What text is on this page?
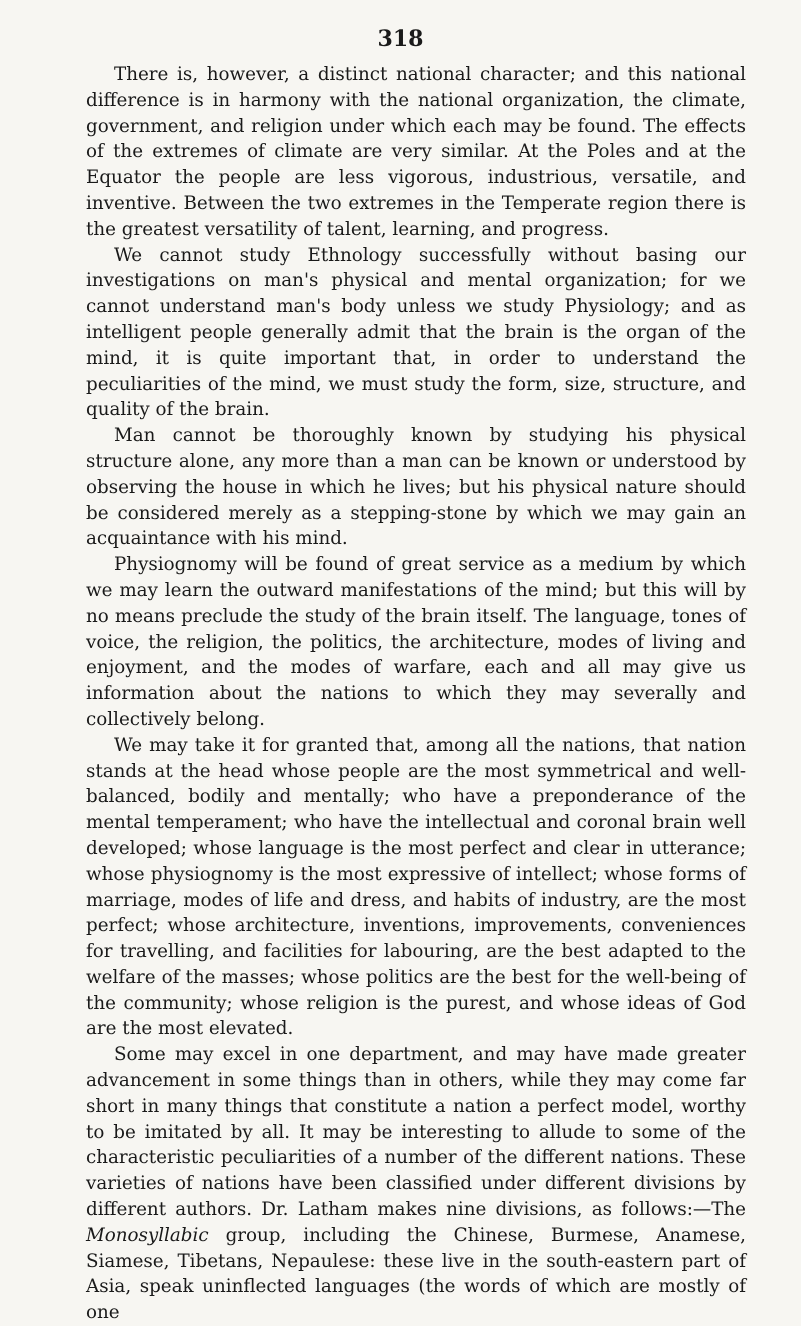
318

There is, however, a distinct national character; and this national difference is in harmony with the national organization, the climate, government, and religion under which each may be found. The effects of the extremes of climate are very similar. At the Poles and at the Equator the people are less vigorous, industrious, versatile, and inventive. Between the two extremes in the Temperate region there is the greatest versatility of talent, learning, and progress.

We cannot study Ethnology successfully without basing our investigations on man's physical and mental organization; for we cannot understand man's body unless we study Physiology; and as intelligent people generally admit that the brain is the organ of the mind, it is quite important that, in order to understand the peculiarities of the mind, we must study the form, size, structure, and quality of the brain.

Man cannot be thoroughly known by studying his physical structure alone, any more than a man can be known or understood by observing the house in which he lives; but his physical nature should be considered merely as a stepping-stone by which we may gain an acquaintance with his mind.

Physiognomy will be found of great service as a medium by which we may learn the outward manifestations of the mind; but this will by no means preclude the study of the brain itself. The language, tones of voice, the religion, the politics, the architecture, modes of living and enjoyment, and the modes of warfare, each and all may give us information about the nations to which they may severally and collectively belong.

We may take it for granted that, among all the nations, that nation stands at the head whose people are the most symmetrical and well-balanced, bodily and mentally; who have a preponderance of the mental temperament; who have the intellectual and coronal brain well developed; whose language is the most perfect and clear in utterance; whose physiognomy is the most expressive of intellect; whose forms of marriage, modes of life and dress, and habits of industry, are the most perfect; whose architecture, inventions, improvements, conveniences for travelling, and facilities for labouring, are the best adapted to the welfare of the masses; whose politics are the best for the well-being of the community; whose religion is the purest, and whose ideas of God are the most elevated.

Some may excel in one department, and may have made greater advancement in some things than in others, while they may come far short in many things that constitute a nation a perfect model, worthy to be imitated by all. It may be interesting to allude to some of the characteristic peculiarities of a number of the different nations. These varieties of nations have been classified under different divisions by different authors. Dr. Latham makes nine divisions, as follows:—The Monosyllabic group, including the Chinese, Burmese, Anamese, Siamese, Tibetans, Nepaulese: these live in the south-eastern part of Asia, speak uninflected languages (the words of which are mostly of one
